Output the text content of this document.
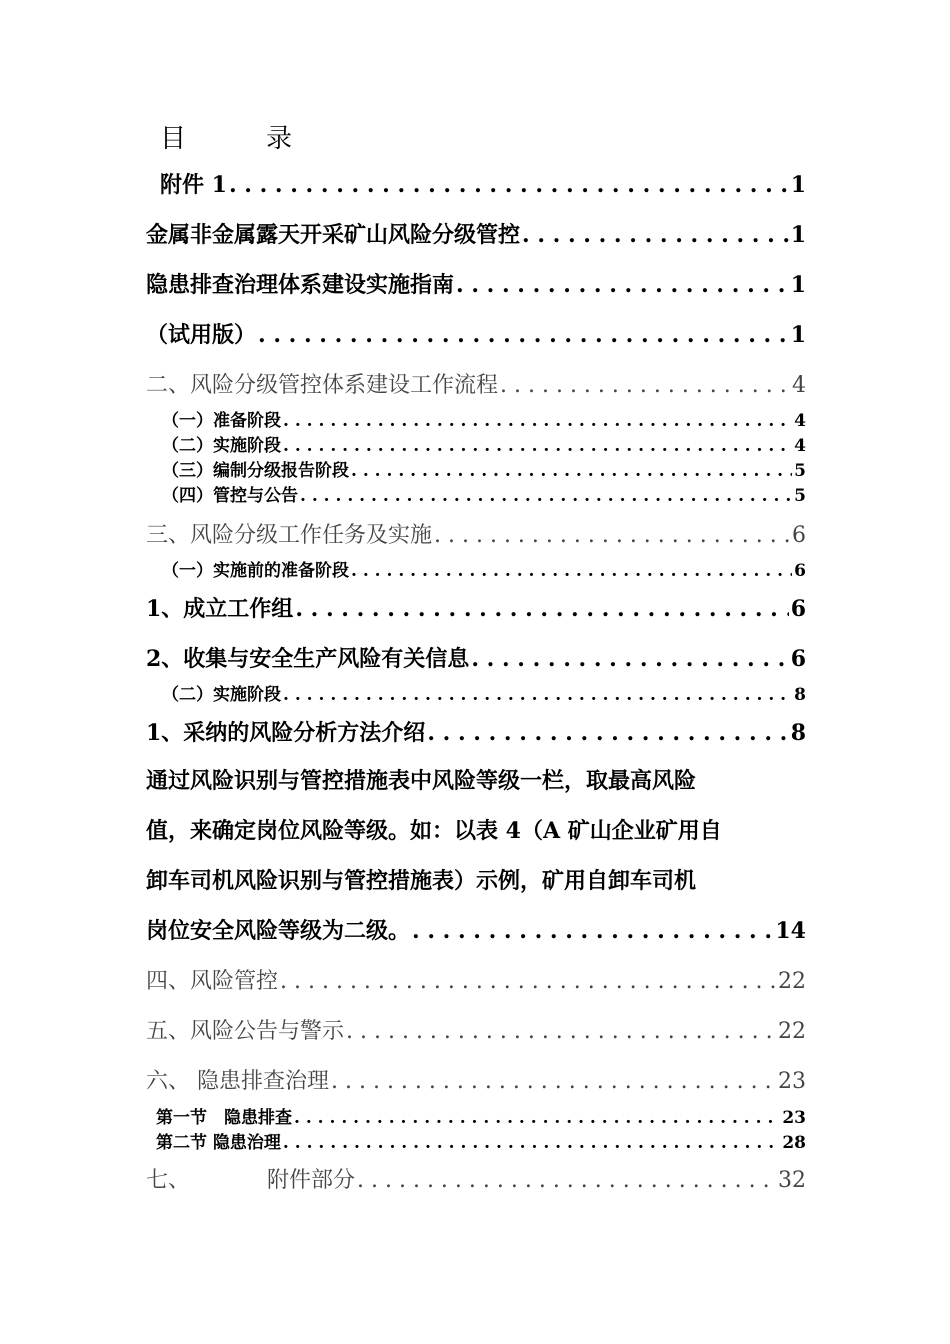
目	录
附件 1 . . .	1
金属非金属露天开采矿山风险分级管控 . . .	1
隐患排查治理体系建设实施指南 . . .	1
（试用版） . . .	1
二、风险分级管控体系建设工作流程 . . .	4
（一）准备阶段 . . .	4
（二）实施阶段 . . .	4
（三）编制分级报告阶段 . . .	5
（四）管控与公告 . . .	5
三、风险分级工作任务及实施 . . .	6
（一）实施前的准备阶段 . . .	6
1、成立工作组 . . .	6
2、收集与安全生产风险有关信息 . . .	6
（二）实施阶段 . . .	8
1、采纳的风险分析方法介绍 . . .	8
通过风险识别与管控措施表中风险等级一栏，取最高风险
值，来确定岗位风险等级。如：以表 4（A 矿山企业矿用自
卸车司机风险识别与管控措施表）示例，矿用自卸车司机
岗位安全风险等级为二级。 . . .	14
四、风险管控 . . .	22
五、风险公告与警示 . . .	22
六、 隐患排查治理 . . .	23
第一节　隐患排查 . . .	23
第二节 隐患治理 . . .	28
七、　　　　附件部分 . . .	32
